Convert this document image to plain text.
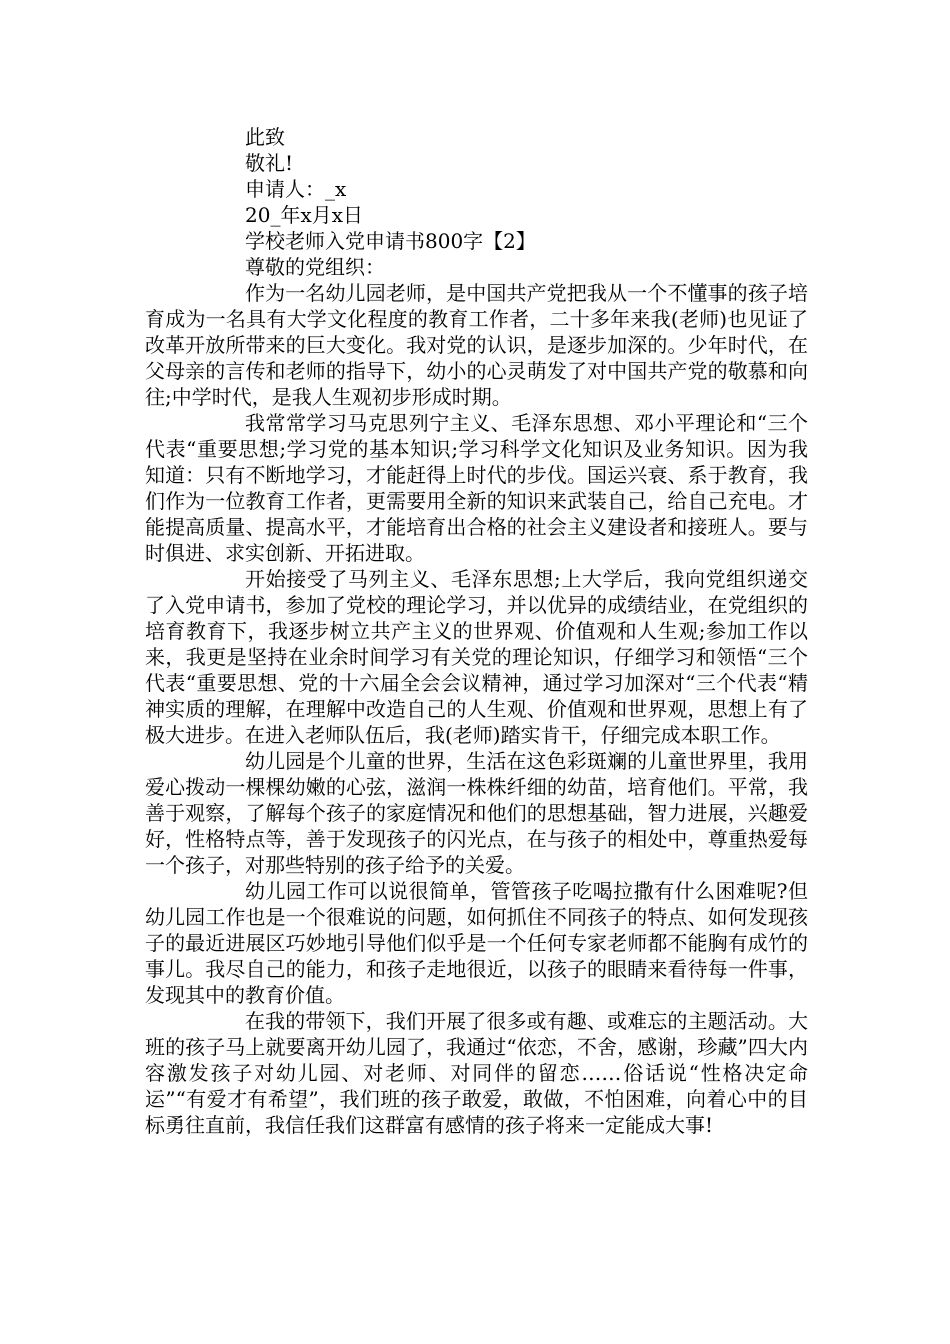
此致
敬礼!
申请人：_x
20_年x月x日
学校老师入党申请书800字【2】
尊敬的党组织：

作为一名幼儿园老师，是中国共产党把我从一个不懂事的孩子培育成为一名具有大学文化程度的教育工作者，二十多年来我(老师)也见证了改革开放所带来的巨大变化。我对党的认识，是逐步加深的。少年时代，在父母亲的言传和老师的指导下，幼小的心灵萌发了对中国共产党的敬慕和向往;中学时代，是我人生观初步形成时期。

我常常学习马克思列宁主义、毛泽东思想、邓小平理论和“三个代表“重要思想;学习党的基本知识;学习科学文化知识及业务知识。因为我知道：只有不断地学习，才能赶得上时代的步伐。国运兴衰、系于教育，我们作为一位教育工作者，更需要用全新的知识来武装自己，给自己充电。才能提高质量、提高水平，才能培育出合格的社会主义建设者和接班人。要与时俱进、求实创新、开拓进取。

开始接受了马列主义、毛泽东思想;上大学后，我向党组织递交了入党申请书，参加了党校的理论学习，并以优异的成绩结业，在党组织的培育教育下，我逐步树立共产主义的世界观、价值观和人生观;参加工作以来，我更是坚持在业余时间学习有关党的理论知识，仔细学习和领悟“三个代表“重要思想、党的十六届全会会议精神，通过学习加深对“三个代表“精神实质的理解，在理解中改造自己的人生观、价值观和世界观，思想上有了极大进步。在进入老师队伍后，我(老师)踏实肯干，仔细完成本职工作。

幼儿园是个儿童的世界，生活在这色彩斑斓的儿童世界里，我用爱心拨动一棵棵幼嫩的心弦，滋润一株株纤细的幼苗，培育他们。平常，我善于观察，了解每个孩子的家庭情况和他们的思想基础，智力进展，兴趣爱好，性格特点等，善于发现孩子的闪光点，在与孩子的相处中，尊重热爱每一个孩子，对那些特别的孩子给予的关爱。

幼儿园工作可以说很简单，管管孩子吃喝拉撒有什么困难呢?但幼儿园工作也是一个很难说的问题，如何抓住不同孩子的特点、如何发现孩子的最近进展区巧妙地引导他们似乎是一个任何专家老师都不能胸有成竹的事儿。我尽自己的能力，和孩子走地很近，以孩子的眼睛来看待每一件事，发现其中的教育价值。

在我的带领下，我们开展了很多或有趣、或难忘的主题活动。大班的孩子马上就要离开幼儿园了，我通过“依恋，不舍，感谢，珍藏”四大内容激发孩子对幼儿园、对老师、对同伴的留恋……俗话说“性格决定命运”“有爱才有希望”，我们班的孩子敢爱，敢做，不怕困难，向着心中的目标勇往直前，我信任我们这群富有感情的孩子将来一定能成大事!
